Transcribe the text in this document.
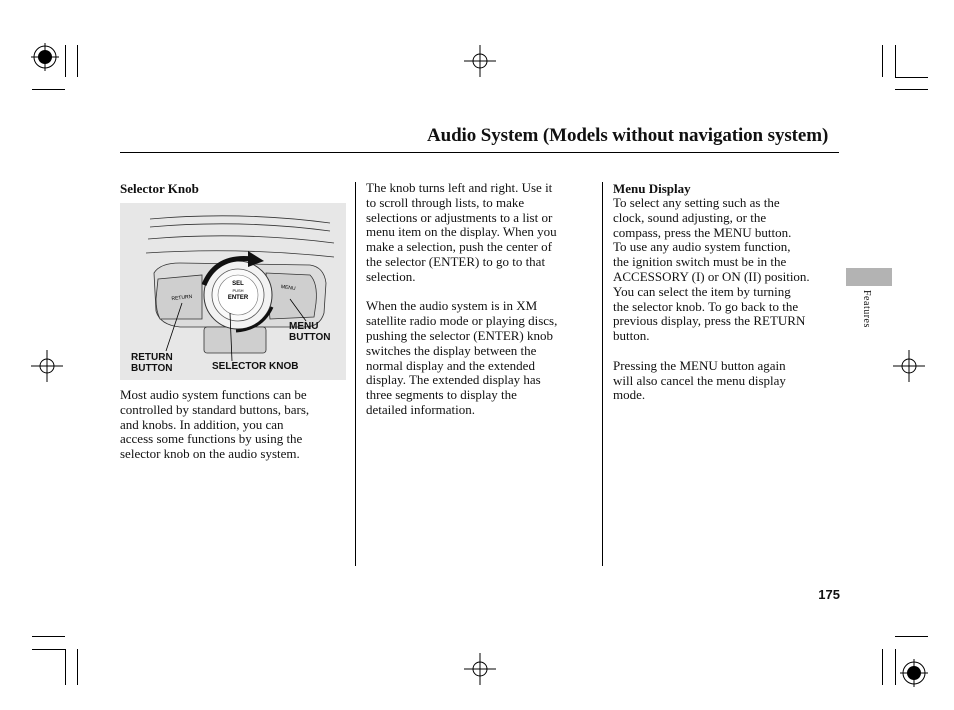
Audio System (Models without navigation system)
Selector Knob
SEL
PUSH
ENTER
RETURN
MENU
RETURN
BUTTON	SELECTOR KNOB
MENU
BUTTON
Most audio system functions can be
controlled by standard buttons, bars,
and knobs. In addition, you can
access some functions by using the
selector knob on the audio system.

The knob turns left and right. Use it
to scroll through lists, to make
selections or adjustments to a list or
menu item on the display. When you
make a selection, push the center of
the selector (ENTER) to go to that
selection.

When the audio system is in XM
satellite radio mode or playing discs,
pushing the selector (ENTER) knob
switches the display between the
normal display and the extended
display. The extended display has
three segments to display the
detailed information.

Menu Display

To select any setting such as the
clock, sound adjusting, or the
compass, press the MENU button.
To use any audio system function,
the ignition switch must be in the
ACCESSORY (I) or ON (II) position.
You can select the item by turning
the selector knob. To go back to the
previous display, press the RETURN
button.

Pressing the MENU button again
will also cancel the menu display
mode.

Features
175
